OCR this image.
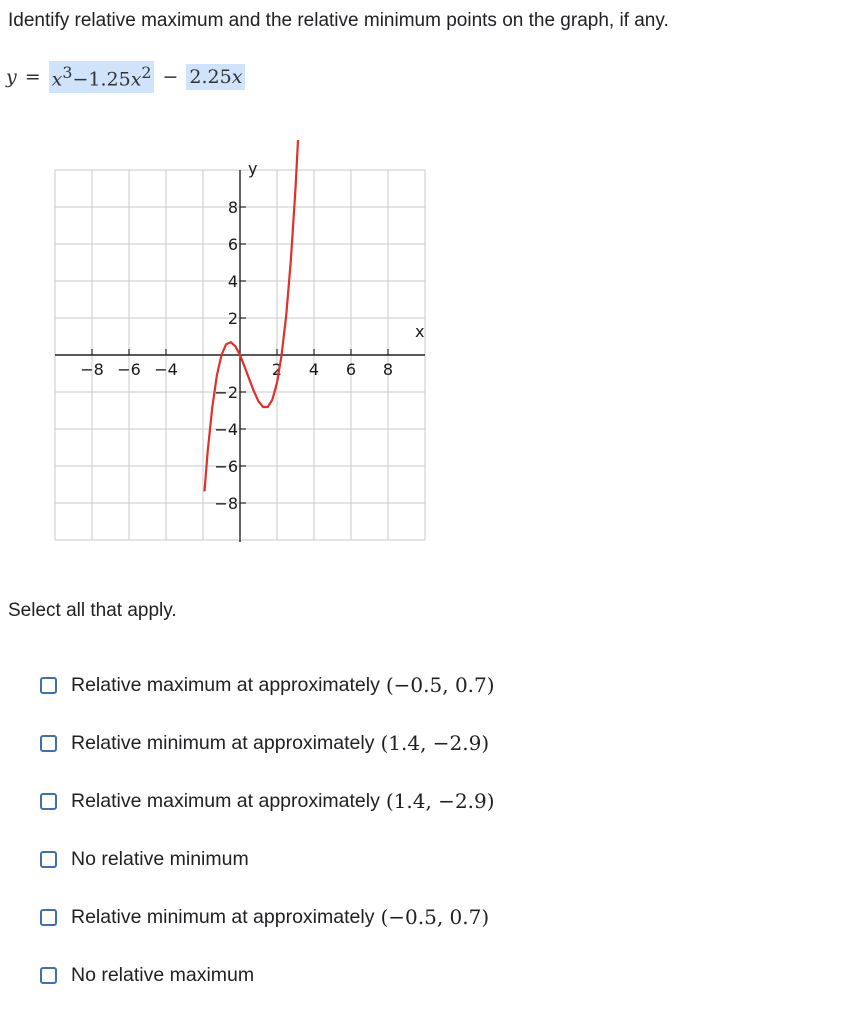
Identify relative maximum and the relative minimum points on the graph, if any.

$y = x^3-1.25x^2 - 2.25x$
−8 −6 −4	2 4 6 8
8
6
4
2
−2
−4
−6
−8
y
x

Select all that apply.

Relative maximum at approximately (−0.5, 0.7)
Relative minimum at approximately (1.4, −2.9)
Relative maximum at approximately (1.4, −2.9)
No relative minimum
Relative minimum at approximately (−0.5, 0.7)
No relative maximum
